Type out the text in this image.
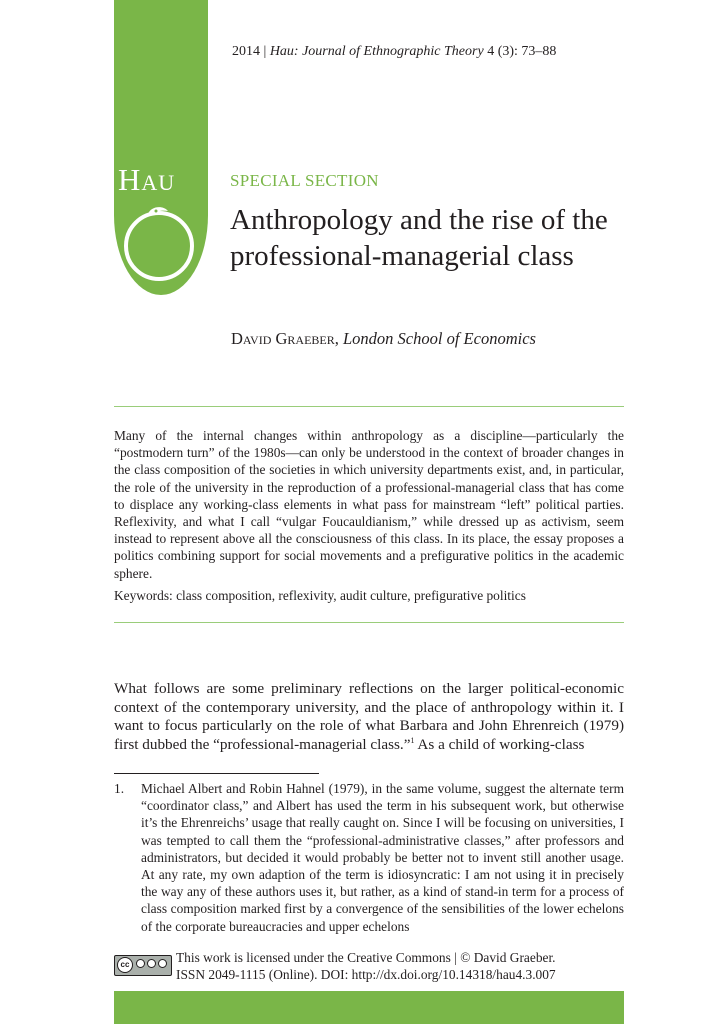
Hau
2014 | Hau: Journal of Ethnographic Theory 4 (3): 73–88
SPECIAL SECTION
Anthropology and the rise of the professional-managerial class
David Graeber, London School of Economics
Many of the internal changes within anthropology as a discipline—particularly the “postmodern turn” of the 1980s—can only be understood in the context of broader changes in the class composition of the societies in which university departments exist, and, in particular, the role of the university in the reproduction of a professional-managerial class that has come to displace any working-class elements in what pass for mainstream “left” political parties. Reflexivity, and what I call “vulgar Foucauldianism,” while dressed up as activism, seem instead to represent above all the consciousness of this class. In its place, the essay proposes a politics combining support for social movements and a prefigurative politics in the academic sphere.
Keywords: class composition, reflexivity, audit culture, prefigurative politics
What follows are some preliminary reflections on the larger political-economic context of the contemporary university, and the place of anthropology within it. I want to focus particularly on the role of what Barbara and John Ehrenreich (1979) first dubbed the “professional-managerial class.”$^1$ As a child of working-class
1. Michael Albert and Robin Hahnel (1979), in the same volume, suggest the alternate term “coordinator class,” and Albert has used the term in his subsequent work, but otherwise it’s the Ehrenreichs’ usage that really caught on. Since I will be focusing on universities, I was tempted to call them the “professional-administrative classes,” after professors and administrators, but decided it would probably be better not to invent still another usage. At any rate, my own adaption of the term is idiosyncratic: I am not using it in precisely the way any of these authors uses it, but rather, as a kind of stand-in term for a process of class composition marked first by a convergence of the sensibilities of the lower echelons of the corporate bureaucracies and upper echelons
cc	This work is licensed under the Creative Commons | © David Graeber.
ISSN 2049-1115 (Online). DOI: http://dx.doi.org/10.14318/hau4.3.007
